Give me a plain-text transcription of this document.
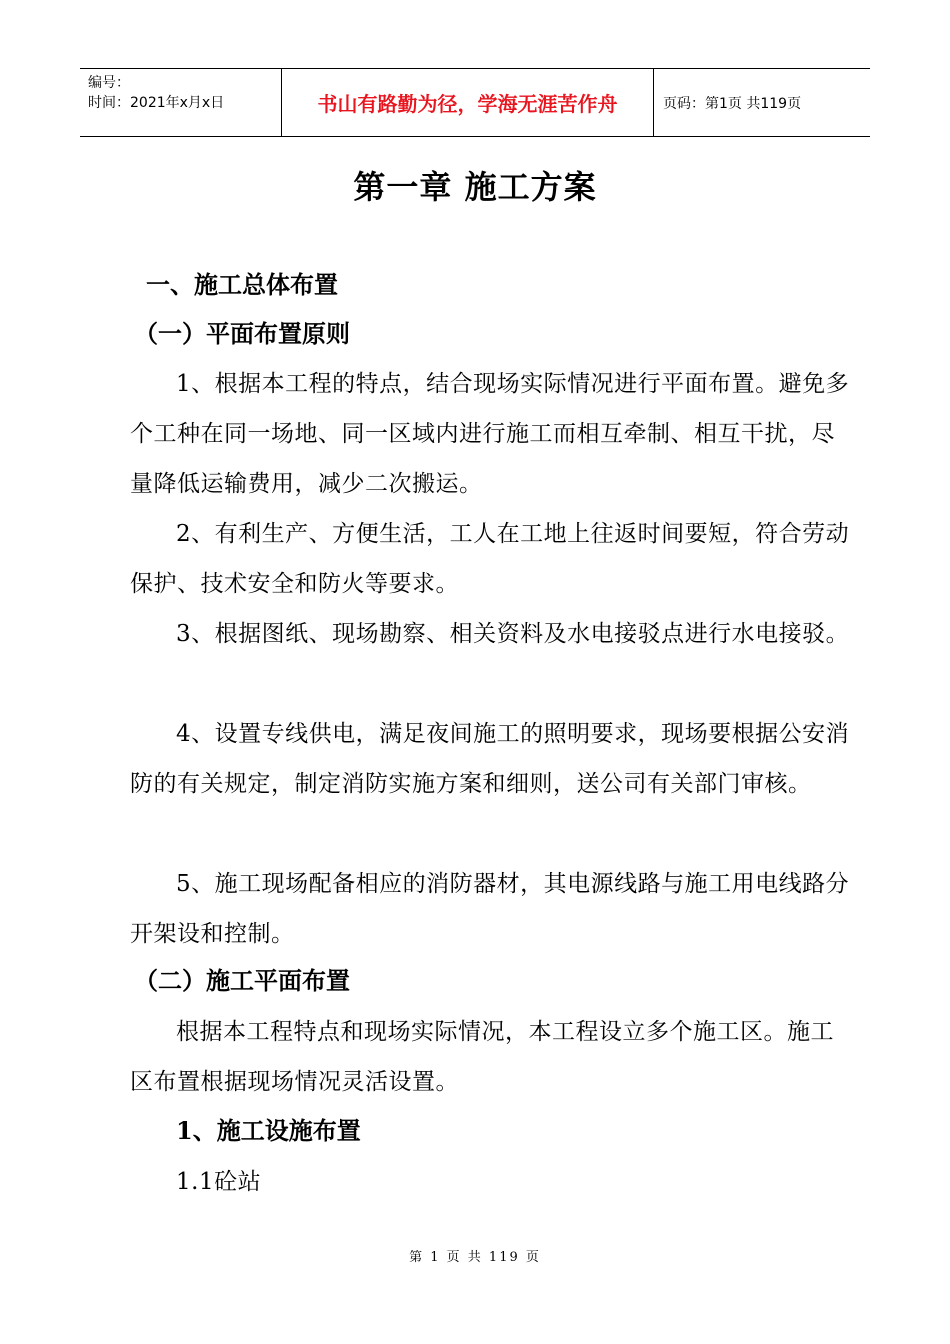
编号：
时间：2021年x月x日	书山有路勤为径，学海无涯苦作舟	页码：第1页 共119页
第一章 施工方案
一、施工总体布置
（一）平面布置原则
1、根据本工程的特点，结合现场实际情况进行平面布置。避免多个工种在同一场地、同一区域内进行施工而相互牵制、相互干扰，尽量降低运输费用，减少二次搬运。
2、有利生产、方便生活，工人在工地上往返时间要短，符合劳动保护、技术安全和防火等要求。
3、根据图纸、现场勘察、相关资料及水电接驳点进行水电接驳。
4、设置专线供电，满足夜间施工的照明要求，现场要根据公安消防的有关规定，制定消防实施方案和细则，送公司有关部门审核。
5、施工现场配备相应的消防器材，其电源线路与施工用电线路分开架设和控制。
（二）施工平面布置
根据本工程特点和现场实际情况，本工程设立多个施工区。施工区布置根据现场情况灵活设置。
1、施工设施布置
1.1砼站
第 1 页 共 119 页
